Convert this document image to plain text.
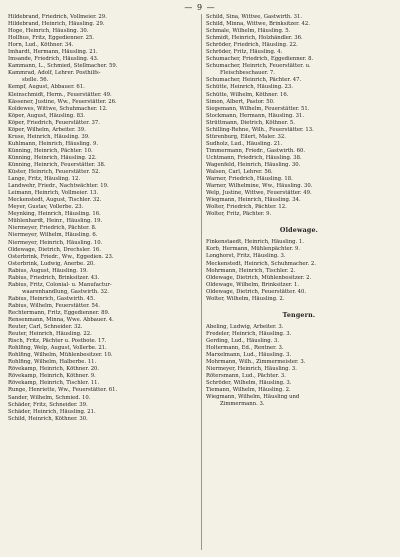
— 9 —
Hildebrand, Friedrich, Vollmeier. 29.
Hildebrand, Heinrich, Häusling. 29.
Hoge, Heinrich, Häusling. 30.
Hollhus, Fritz, Eggedienner. 25.
Horn, Lud., Köthner. 34.
Imhardt, Hermann, Häusling. 21.
Imsande, Friedrich, Häusling. 43.
Kammann, L., Schmied, Stellmacher. 59.
Kammrad, Adolf, Lehrer. Posthilfs-
stelle. 56.
Kempf, August, Abbauer. 61.
Kleinschmidt, Herm., Feuerstätter. 49.
Kässener, Justine, Ww., Feuerstätter. 26.
Koldewes, Wittwe, Schuhmacher. 12.
Köper, August, Häusling. 83.
Köper, Friedrich, Feuerstätter. 37.
Köper, Wilhelm, Arbeiter. 39.
Kruse, Heinrich, Häusling. 39.
Kuhlmann, Heinrich, Häusling. 9.
Künning, Heinrich, Pächter. 10.
Künning, Heinrich, Häusling. 22.
Künning, Heinrich, Feuerstätter. 38.
Küster, Heinrich, Feuerstätter. 52.
Lange, Fritz, Häusling. 12.
Landwehr, Friedr., Nachtwächter. 19.
Leimann, Heinrich, Vollmeier. 13.
Meckenstedt, August, Tischler. 32.
Meyer, Gustav, Vollerbe. 23.
Meynking, Heinrich, Häusling. 16.
Mühlenhardt, Heinr., Häusling. 19.
Niermeyer, Friedrich, Pächter. 8.
Niermeyer, Wilhelm, Häusling. 6.
Niermeyer, Heinrich, Häusling. 10.
Oldewage, Dietrich, Drechsler. 16.
Osterbrink, Friedr., Ww., Eggedien. 23.
Osterbrink, Ludwig, Anerbe. 20.
Rabius, August, Häusling. 19.
Rabius, Friedrich, Brinksitzer. 43.
Rabius, Fritz, Colonial- u. Manufactur-
waarenhandlung, Gastwirth. 32.
Rabius, Heinrich, Gastwirth. 45.
Rabius, Wilhelm, Feuerstätter. 54.
Rechtermann, Fritz, Eggedienner. 89.
Rensenmann, Minna, Wwe. Abbauer. 4.
Reuter, Carl, Schneider. 32.
Reuter, Heinrich, Häusling. 22.
Risch, Fritz, Pächter u. Postbote. 17.
Rohlfing, Welp, August, Vollerbe. 21.
Rohlfing, Wilhelm, Mühlenbesitzer. 10.
Rohlfing, Wilhelm, Halberbe. 11.
Rövekamp, Heinrich, Köthner. 20.
Rövekamp, Heinrich, Köthner. 9.
Rövekamp, Heinrich, Tischler. 11.
Runge, Henriette, Ww., Feuerstätter. 61.
Sander, Wilhelm, Schmied. 10.
Schäder, Fritz, Schneider. 39.
Schäder, Heinrich, Häusling. 21.
Schild, Heinrich, Köthner. 30.
Schild, Sina, Wittwe, Gastwirth. 31.
Schild, Minna, Wittwe, Brinksitzer. 42.
Schmale, Wilhelm, Häusling. 5.
Schmidt, Heinrich, Holzhändler. 36.
Schröder, Friedrich, Häusling. 22.
Schröder, Fritz, Häusling. 4.
Schumacher, Friedrich, Eggedienner. 8.
Schumacher, Heinrich, Feuerstätter. u.
Fleischbeschauer. 7.
Schumacher, Heinrich, Pächter. 47.
Schütte, Heinrich, Häusling. 23.
Schütte, Wilhelm, Köthner. 16.
Simon, Albert, Pastor. 50.
Siegemann, Wilhelm, Feuerstätter. 51.
Stockmann, Hermann, Häusling. 31.
Strüttmann, Dietrich, Köthner. 5.
Schilling-Rehne, Wilh., Feuerstätter. 13.
Stürenburg, Eilert, Maler. 32.
Sudholz, Lud., Häusling. 21.
Timmermann, Friedr., Gastwirth. 60.
Uchtmann, Friedrich, Häusling. 38.
Wagenfeld, Heinrich, Häusling. 30.
Walsen, Carl, Lehrer. 56.
Warner, Friedrich, Häusling. 18.
Warner, Wilhelmine, Ww., Häusling. 30.
Welp, Justine, Wittwe, Feuerstätter. 49.
Wiegmann, Heinrich, Häusling. 34.
Wolter, Friedrich, Pächter. 12.
Wolter, Fritz, Pächter. 9.
Oldewage.
Finkenstaedt, Heinrich, Häusling. 1.
Korb, Hermann, Mühlenpächter. 9.
Longhorst, Fritz, Häusling. 3.
Meckenstedt, Heinrich, Schuhmacher. 2.
Mohrmann, Heinrich, Tischler. 2.
Oldewage, Dietrich, Mühlenbesitzer. 2.
Oldewage, Wilhelm, Brinksitzer. 1.
Oldewage, Dietrich, Feuerstätter. 40.
Wolter, Wilhelm, Häusling. 2.
Tengern.
Abeling, Ludwig, Arbeiter. 3.
Fredeler, Heinrich, Häusling. 3.
Gerding, Lud., Häusling. 3.
Holtermann, Ed., Rentner. 3.
Marxelmann, Lud., Häusling. 3.
Mohrmann, Wilh., Zimmermeister. 3.
Niermeyer, Heinrich, Häusling. 3.
Rötersmann, Lud., Pächter. 3.
Schröder, Wilhelm, Häusling. 3.
Tiemann, Wilhelm, Häusling. 2.
Wiegmann, Wilhelm, Häusling und
Zimmermann. 3.
